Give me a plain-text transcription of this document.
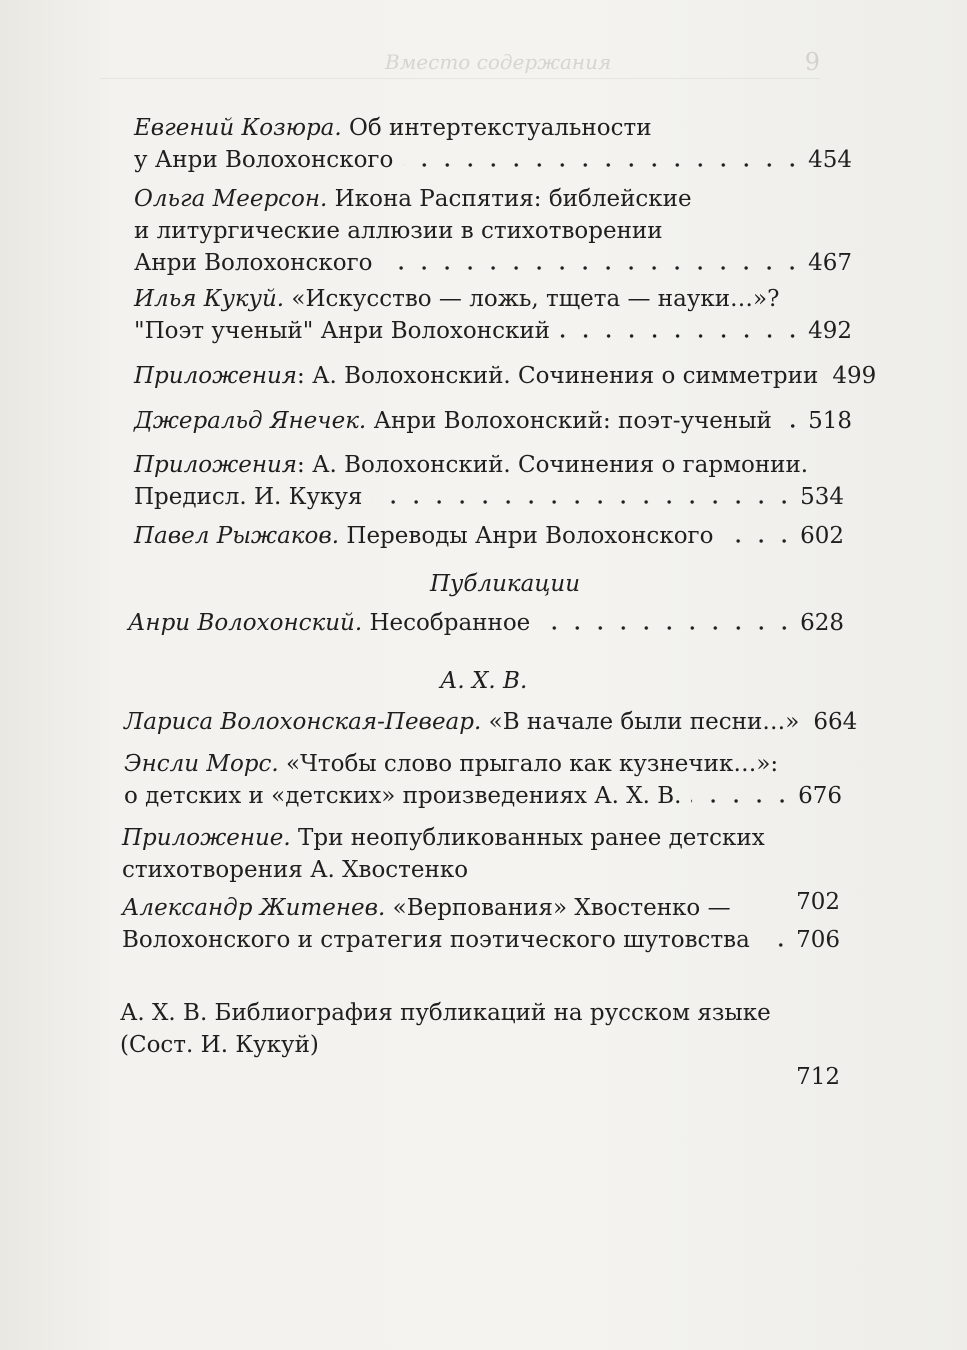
Вместо содержания	9
Евгений Козюра. Об интертекстуальности
у Анри Волохонского	454
Ольга Меерсон. Икона Распятия: библейские
и литургические аллюзии в стихотворении
Анри Волохонского	467
Илья Кукуй. «Искусство — ложь, тщета — науки…»?
"Поэт ученый" Анри Волохонский	492
Приложения: А. Волохонский. Сочинения о симметрии 499
Джеральд Янечек. Анри Волохонский: поэт-ученый 518
Приложения: А. Волохонский. Сочинения о гармонии.
Предисл. И. Кукуя	534
Павел Рыжаков. Переводы Анри Волохонского	602
Публикации
Анри Волохонский. Несобранное	628
А. Х. В.
Лариса Волохонская-Певеар. «В начале были песни…» 664
Энсли Морс. «Чтобы слово прыгало как кузнечик…»:
о детских и «детских» произведениях А. Х. В.	676
Приложение. Три неопубликованных ранее детских
стихотворения А. Хвостенко
702
Александр Житенев. «Верпования» Хвостенко —
Волохонского и стратегия поэтического шутовства 706
А. Х. В. Библиография публикаций на русском языке
(Сост. И. Кукуй)
712
